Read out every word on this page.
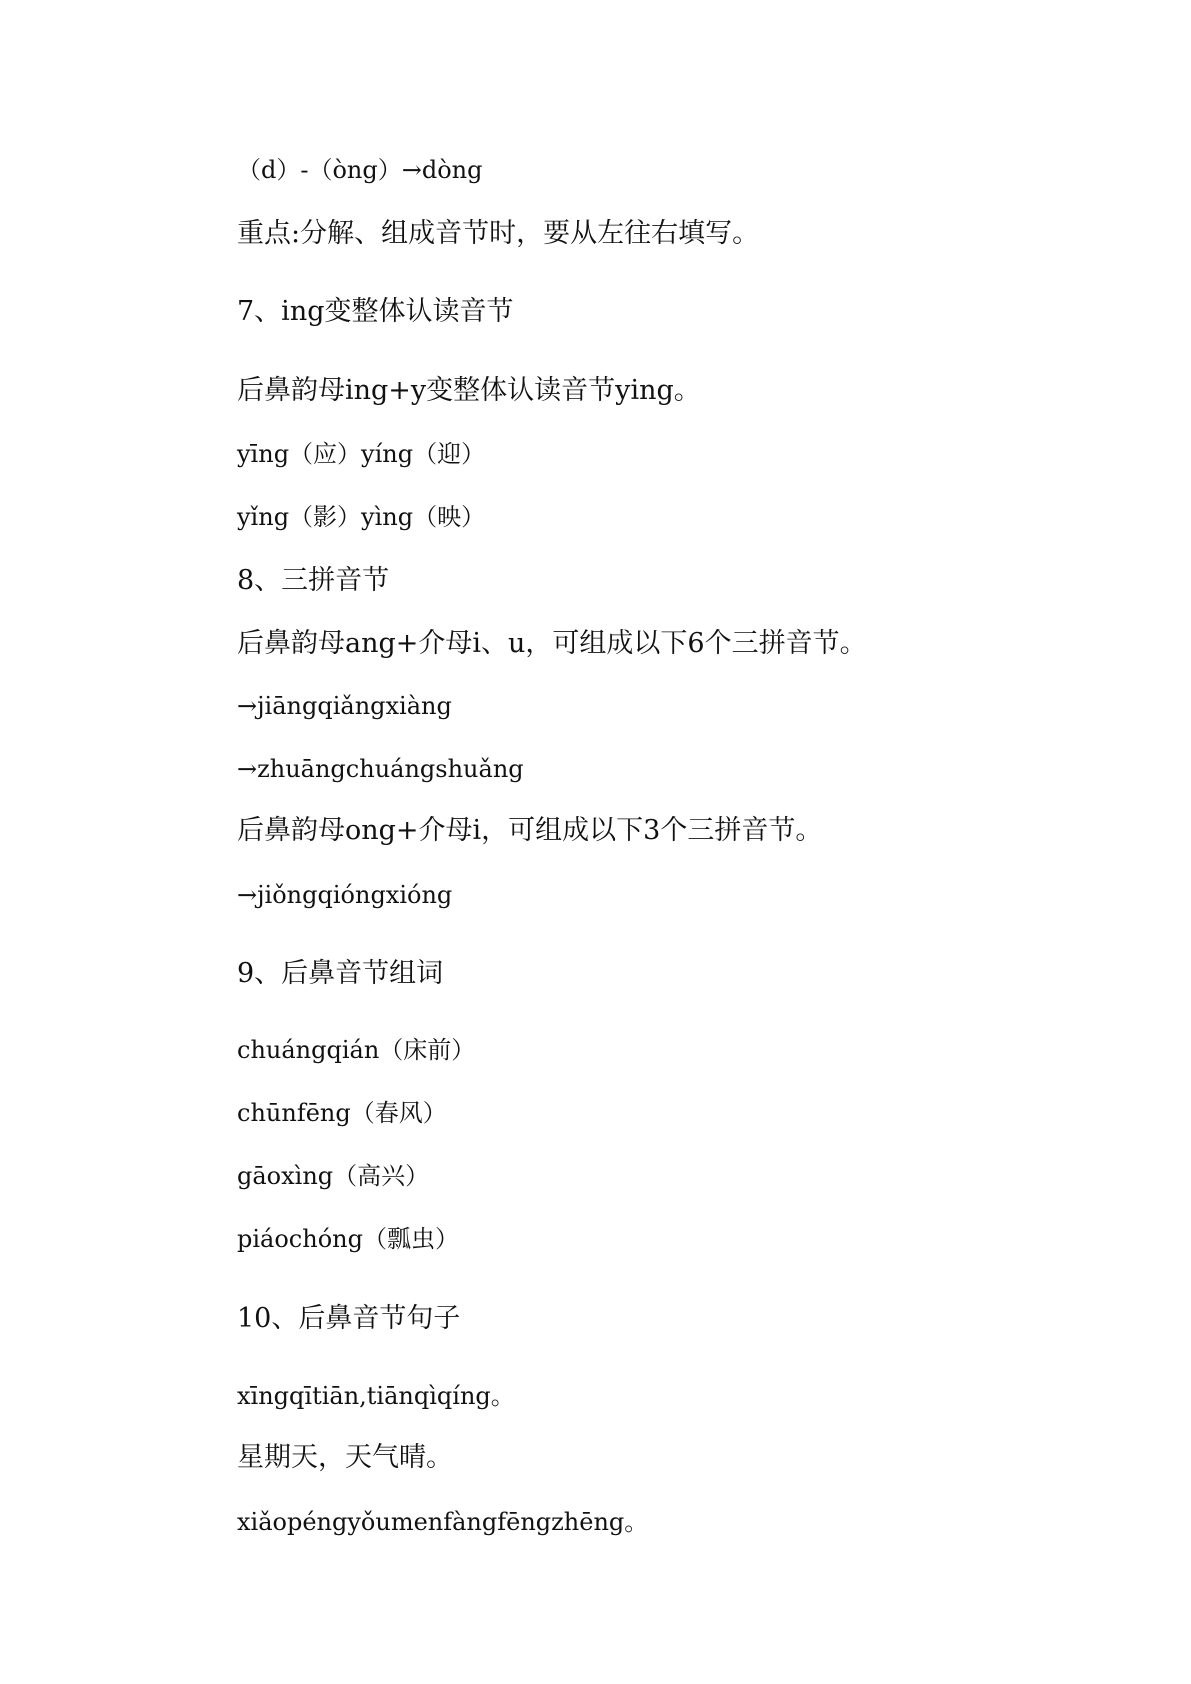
（d）-（òng）→dòng
重点:分解、组成音节时，要从左往右填写。
7、ing变整体认读音节
后鼻韵母ing+y变整体认读音节ying。
yīng（应）yíng（迎）
yǐng（影）yìng（映）
8、三拼音节
后鼻韵母ang+介母i、u，可组成以下6个三拼音节。
→jiāngqiǎngxiàng
→zhuāngchuángshuǎng
后鼻韵母ong+介母i，可组成以下3个三拼音节。
→jiǒngqióngxióng
9、后鼻音节组词
chuángqián（床前）
chūnfēng（春风）
gāoxìng（高兴）
piáochóng（瓢虫）
10、后鼻音节句子
xīngqītiān,tiānqìqíng。
星期天，天气晴。
xiǎopéngyǒumenfàngfēngzhēng。
